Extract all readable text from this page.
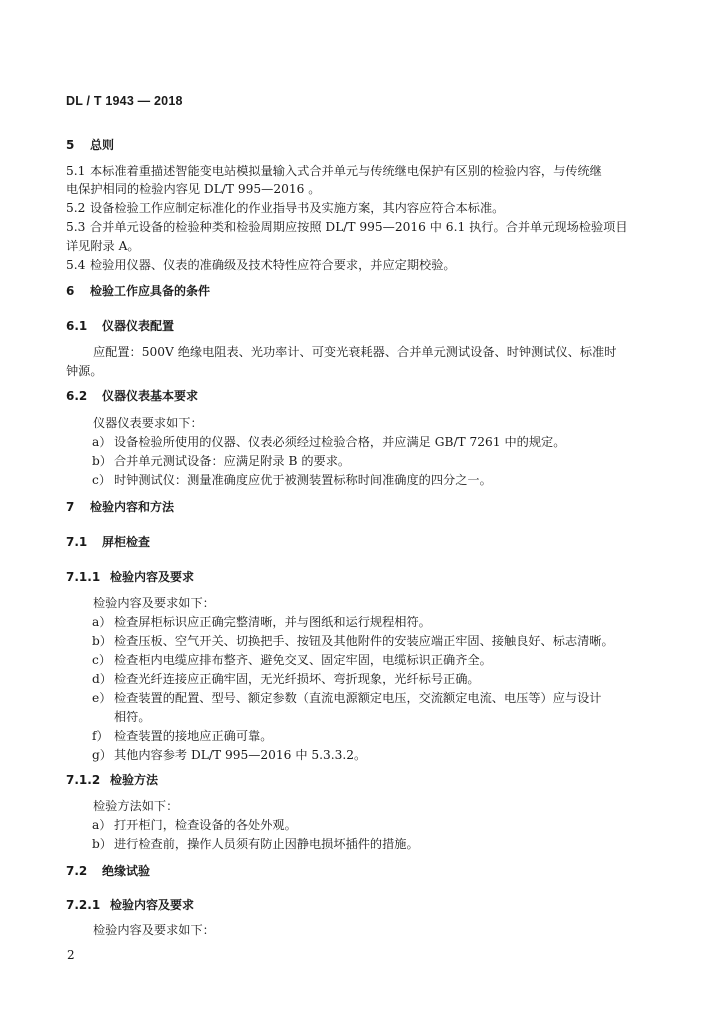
DL / T 1943 — 2018
5 总则
5.1 本标准着重描述智能变电站模拟量输入式合并单元与传统继电保护有区别的检验内容，与传统继
电保护相同的检验内容见 DL/T 995—2016 。
5.2 设备检验工作应制定标准化的作业指导书及实施方案，其内容应符合本标准。
5.3 合并单元设备的检验种类和检验周期应按照 DL/T 995—2016 中 6.1 执行。合并单元现场检验项目
详见附录 A。
5.4 检验用仪器、仪表的准确级及技术特性应符合要求，并应定期校验。
6 检验工作应具备的条件
6.1 仪器仪表配置
应配置：500V 绝缘电阻表、光功率计、可变光衰耗器、合并单元测试设备、时钟测试仪、标准时
钟源。
6.2 仪器仪表基本要求
仪器仪表要求如下：
a） 设备检验所使用的仪器、仪表必须经过检验合格，并应满足 GB/T 7261 中的规定。
b） 合并单元测试设备：应满足附录 B 的要求。
c） 时钟测试仪：测量准确度应优于被测装置标称时间准确度的四分之一。
7 检验内容和方法
7.1 屏柜检查
7.1.1 检验内容及要求
检验内容及要求如下：
a） 检查屏柜标识应正确完整清晰，并与图纸和运行规程相符。
b） 检查压板、空气开关、切换把手、按钮及其他附件的安装应端正牢固、接触良好、标志清晰。
c） 检查柜内电缆应排布整齐、避免交叉、固定牢固，电缆标识正确齐全。
d） 检查光纤连接应正确牢固，无光纤损坏、弯折现象，光纤标号正确。
e） 检查装置的配置、型号、额定参数（直流电源额定电压，交流额定电流、电压等）应与设计
相符。
f） 检查装置的接地应正确可靠。
g） 其他内容参考 DL/T 995—2016 中 5.3.3.2。
7.1.2 检验方法
检验方法如下：
a） 打开柜门，检查设备的各处外观。
b） 进行检查前，操作人员须有防止因静电损坏插件的措施。
7.2 绝缘试验
7.2.1 检验内容及要求
检验内容及要求如下：
2
